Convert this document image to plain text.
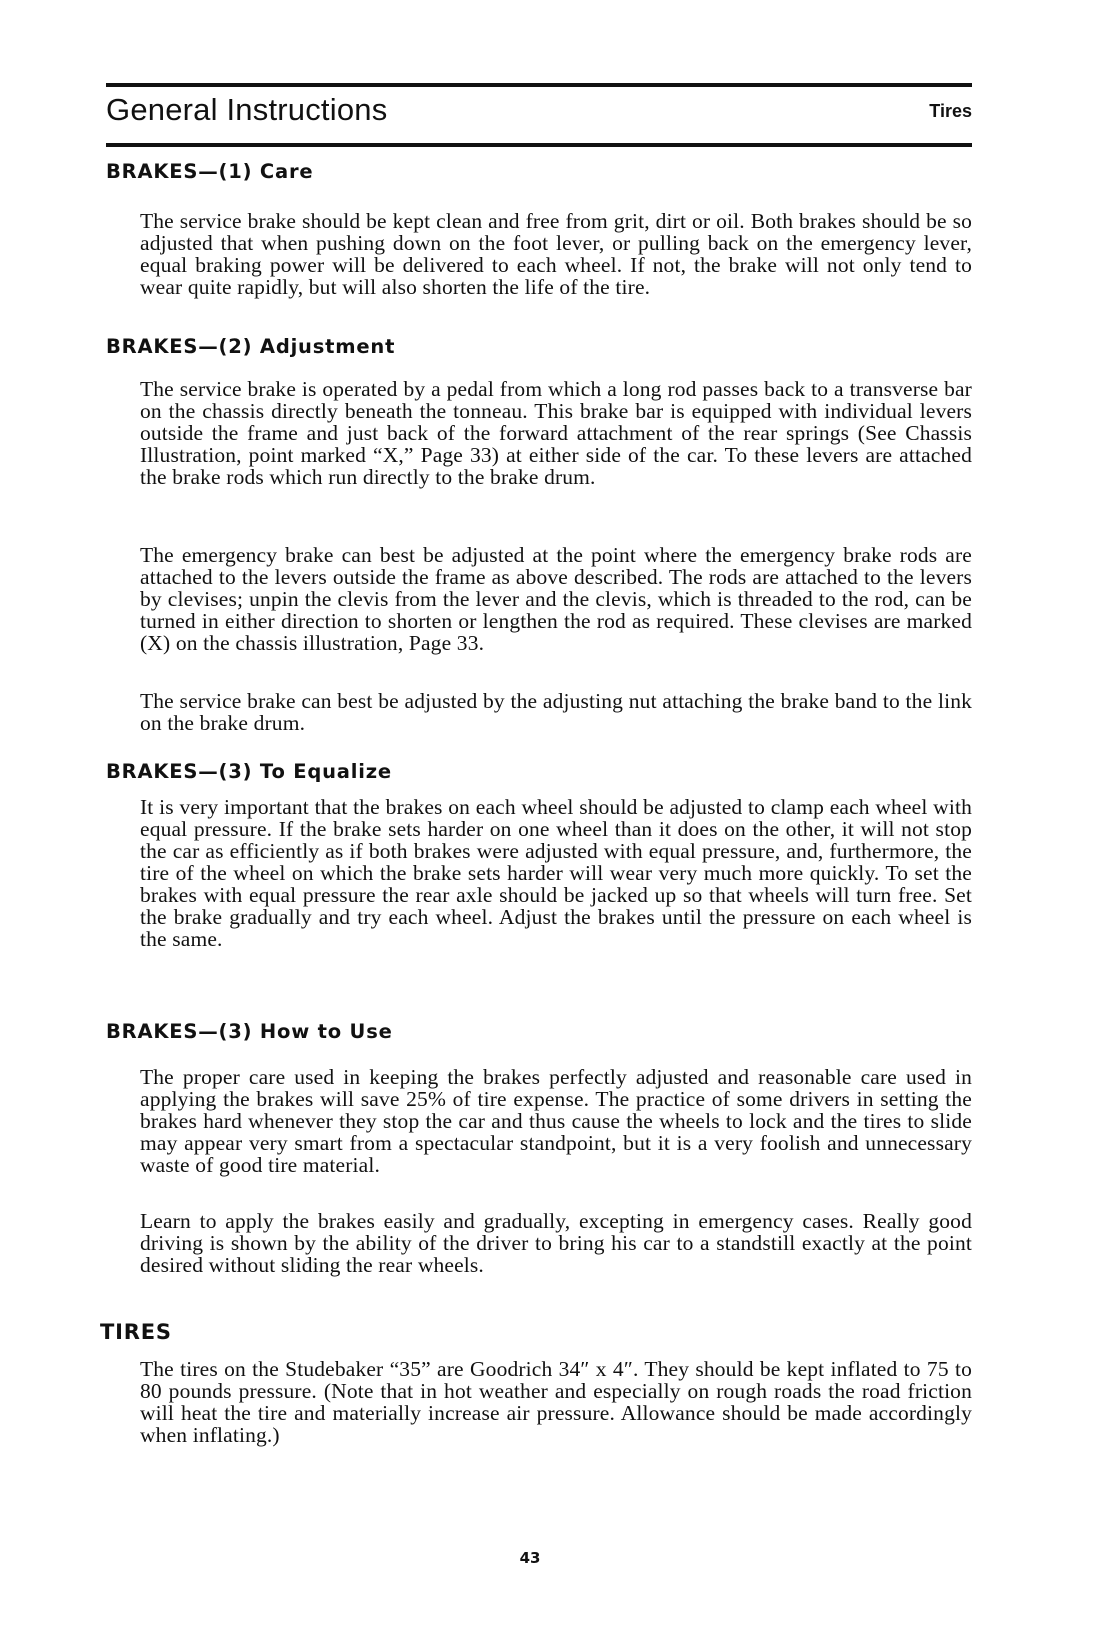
General Instructions	Tires
BRAKES—(1) Care
The service brake should be kept clean and free from grit, dirt or oil. Both brakes should be so adjusted that when pushing down on the foot lever, or pulling back on the emergency lever, equal braking power will be delivered to each wheel. If not, the brake will not only tend to wear quite rapidly, but will also shorten the life of the tire.
BRAKES—(2) Adjustment
The service brake is operated by a pedal from which a long rod passes back to a transverse bar on the chassis directly beneath the tonneau. This brake bar is equipped with individual levers outside the frame and just back of the forward attachment of the rear springs (See Chassis Illustration, point marked “X,” Page 33) at either side of the car. To these levers are attached the brake rods which run directly to the brake drum.
The emergency brake can best be adjusted at the point where the emergency brake rods are attached to the levers outside the frame as above described. The rods are attached to the levers by clevises; unpin the clevis from the lever and the clevis, which is threaded to the rod, can be turned in either direction to shorten or lengthen the rod as required. These clevises are marked (X) on the chassis illustration, Page 33.
The service brake can best be adjusted by the adjusting nut attaching the brake band to the link on the brake drum.
BRAKES—(3) To Equalize
It is very important that the brakes on each wheel should be adjusted to clamp each wheel with equal pressure. If the brake sets harder on one wheel than it does on the other, it will not stop the car as efficiently as if both brakes were adjusted with equal pressure, and, furthermore, the tire of the wheel on which the brake sets harder will wear very much more quickly. To set the brakes with equal pressure the rear axle should be jacked up so that wheels will turn free. Set the brake gradually and try each wheel. Adjust the brakes until the pressure on each wheel is the same.
BRAKES—(3) How to Use
The proper care used in keeping the brakes perfectly adjusted and reasonable care used in applying the brakes will save 25% of tire expense. The practice of some drivers in setting the brakes hard whenever they stop the car and thus cause the wheels to lock and the tires to slide may appear very smart from a spectacular standpoint, but it is a very foolish and unnecessary waste of good tire material.
Learn to apply the brakes easily and gradually, excepting in emergency cases. Really good driving is shown by the ability of the driver to bring his car to a standstill exactly at the point desired without sliding the rear wheels.
TIRES
The tires on the Studebaker “35” are Goodrich 34″ x 4″. They should be kept inflated to 75 to 80 pounds pressure. (Note that in hot weather and especially on rough roads the road friction will heat the tire and materially increase air pressure. Allowance should be made accordingly when inflating.)
43
